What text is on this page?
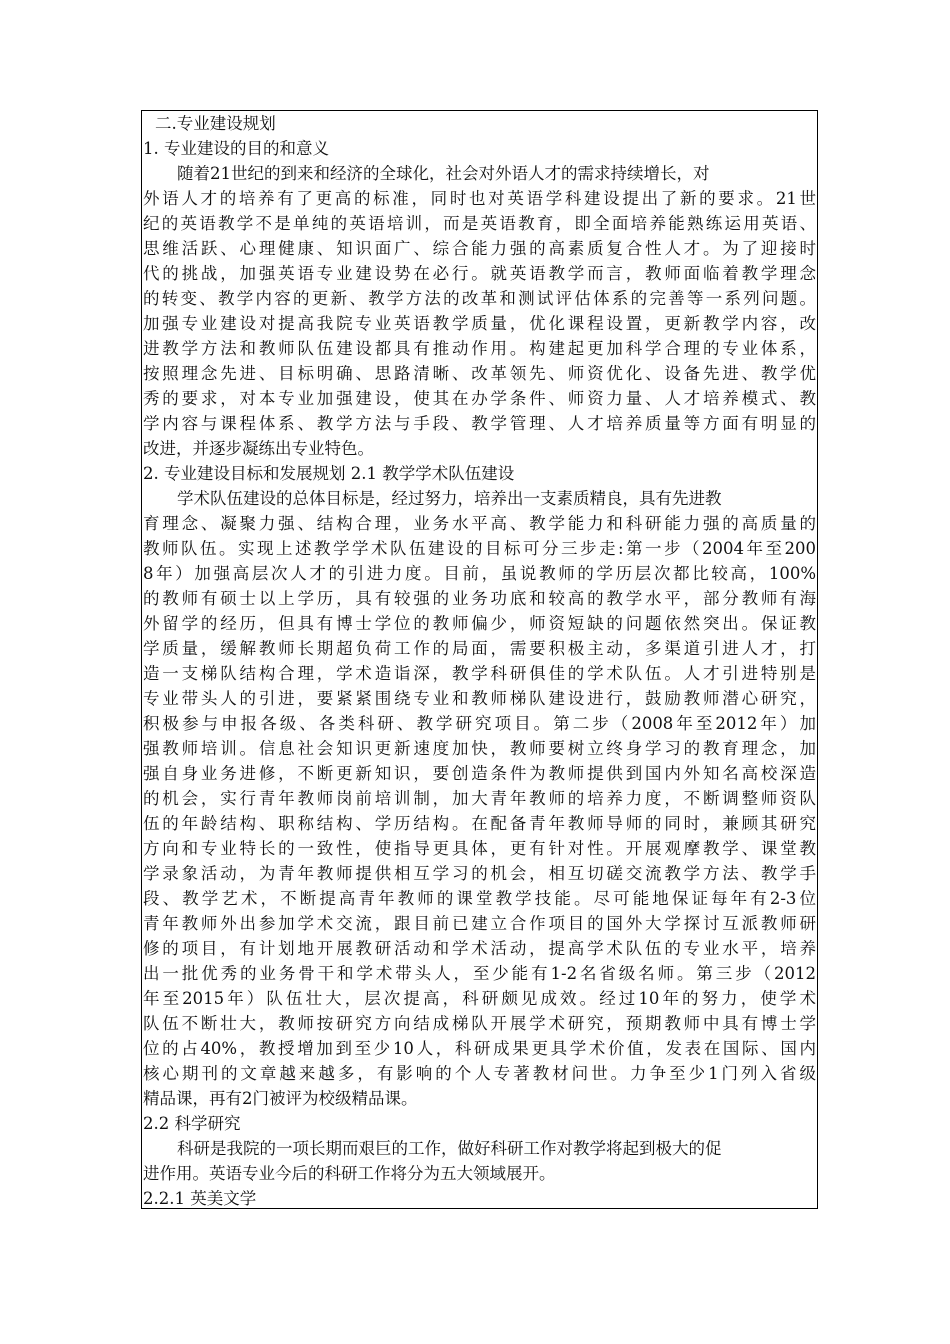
二.专业建设规划
1. 专业建设的目的和意义
随着21世纪的到来和经济的全球化，社会对外语人才的需求持续增长，对
外语人才的培养有了更高的标准，同时也对英语学科建设提出了新的要求。21世
纪的英语教学不是单纯的英语培训，而是英语教育，即全面培养能熟练运用英语、
思维活跃、心理健康、知识面广、综合能力强的高素质复合性人才。为了迎接时
代的挑战，加强英语专业建设势在必行。就英语教学而言，教师面临着教学理念
的转变、教学内容的更新、教学方法的改革和测试评估体系的完善等一系列问题。
加强专业建设对提高我院专业英语教学质量，优化课程设置，更新教学内容，改
进教学方法和教师队伍建设都具有推动作用。构建起更加科学合理的专业体系，
按照理念先进、目标明确、思路清晰、改革领先、师资优化、设备先进、教学优
秀的要求，对本专业加强建设，使其在办学条件、师资力量、人才培养模式、教
学内容与课程体系、教学方法与手段、教学管理、人才培养质量等方面有明显的
改进，并逐步凝练出专业特色。
2. 专业建设目标和发展规划 2.1 教学学术队伍建设
学术队伍建设的总体目标是，经过努力，培养出一支素质精良，具有先进教
育理念、凝聚力强、结构合理，业务水平高、教学能力和科研能力强的高质量的
教师队伍。实现上述教学学术队伍建设的目标可分三步走:第一步（2004年至200
8年）加强高层次人才的引进力度。目前，虽说教师的学历层次都比较高，100%
的教师有硕士以上学历，具有较强的业务功底和较高的教学水平，部分教师有海
外留学的经历，但具有博士学位的教师偏少，师资短缺的问题依然突出。保证教
学质量，缓解教师长期超负荷工作的局面，需要积极主动，多渠道引进人才，打
造一支梯队结构合理，学术造诣深，教学科研俱佳的学术队伍。人才引进特别是
专业带头人的引进，要紧紧围绕专业和教师梯队建设进行，鼓励教师潜心研究，
积极参与申报各级、各类科研、教学研究项目。第二步（2008年至2012年）加
强教师培训。信息社会知识更新速度加快，教师要树立终身学习的教育理念，加
强自身业务进修，不断更新知识，要创造条件为教师提供到国内外知名高校深造
的机会，实行青年教师岗前培训制，加大青年教师的培养力度，不断调整师资队
伍的年龄结构、职称结构、学历结构。在配备青年教师导师的同时，兼顾其研究
方向和专业特长的一致性，使指导更具体，更有针对性。开展观摩教学、课堂教
学录象活动，为青年教师提供相互学习的机会，相互切磋交流教学方法、教学手
段、教学艺术，不断提高青年教师的课堂教学技能。尽可能地保证每年有2-3位
青年教师外出参加学术交流，跟目前已建立合作项目的国外大学探讨互派教师研
修的项目，有计划地开展教研活动和学术活动，提高学术队伍的专业水平，培养
出一批优秀的业务骨干和学术带头人，至少能有1-2名省级名师。第三步（2012
年至2015年）队伍壮大，层次提高，科研颇见成效。经过10年的努力，使学术
队伍不断壮大，教师按研究方向结成梯队开展学术研究，预期教师中具有博士学
位的占40%，教授增加到至少10人，科研成果更具学术价值，发表在国际、国内
核心期刊的文章越来越多，有影响的个人专著教材问世。力争至少1门列入省级
精品课，再有2门被评为校级精品课。
2.2 科学研究
科研是我院的一项长期而艰巨的工作，做好科研工作对教学将起到极大的促
进作用。英语专业今后的科研工作将分为五大领域展开。
2.2.1 英美文学
